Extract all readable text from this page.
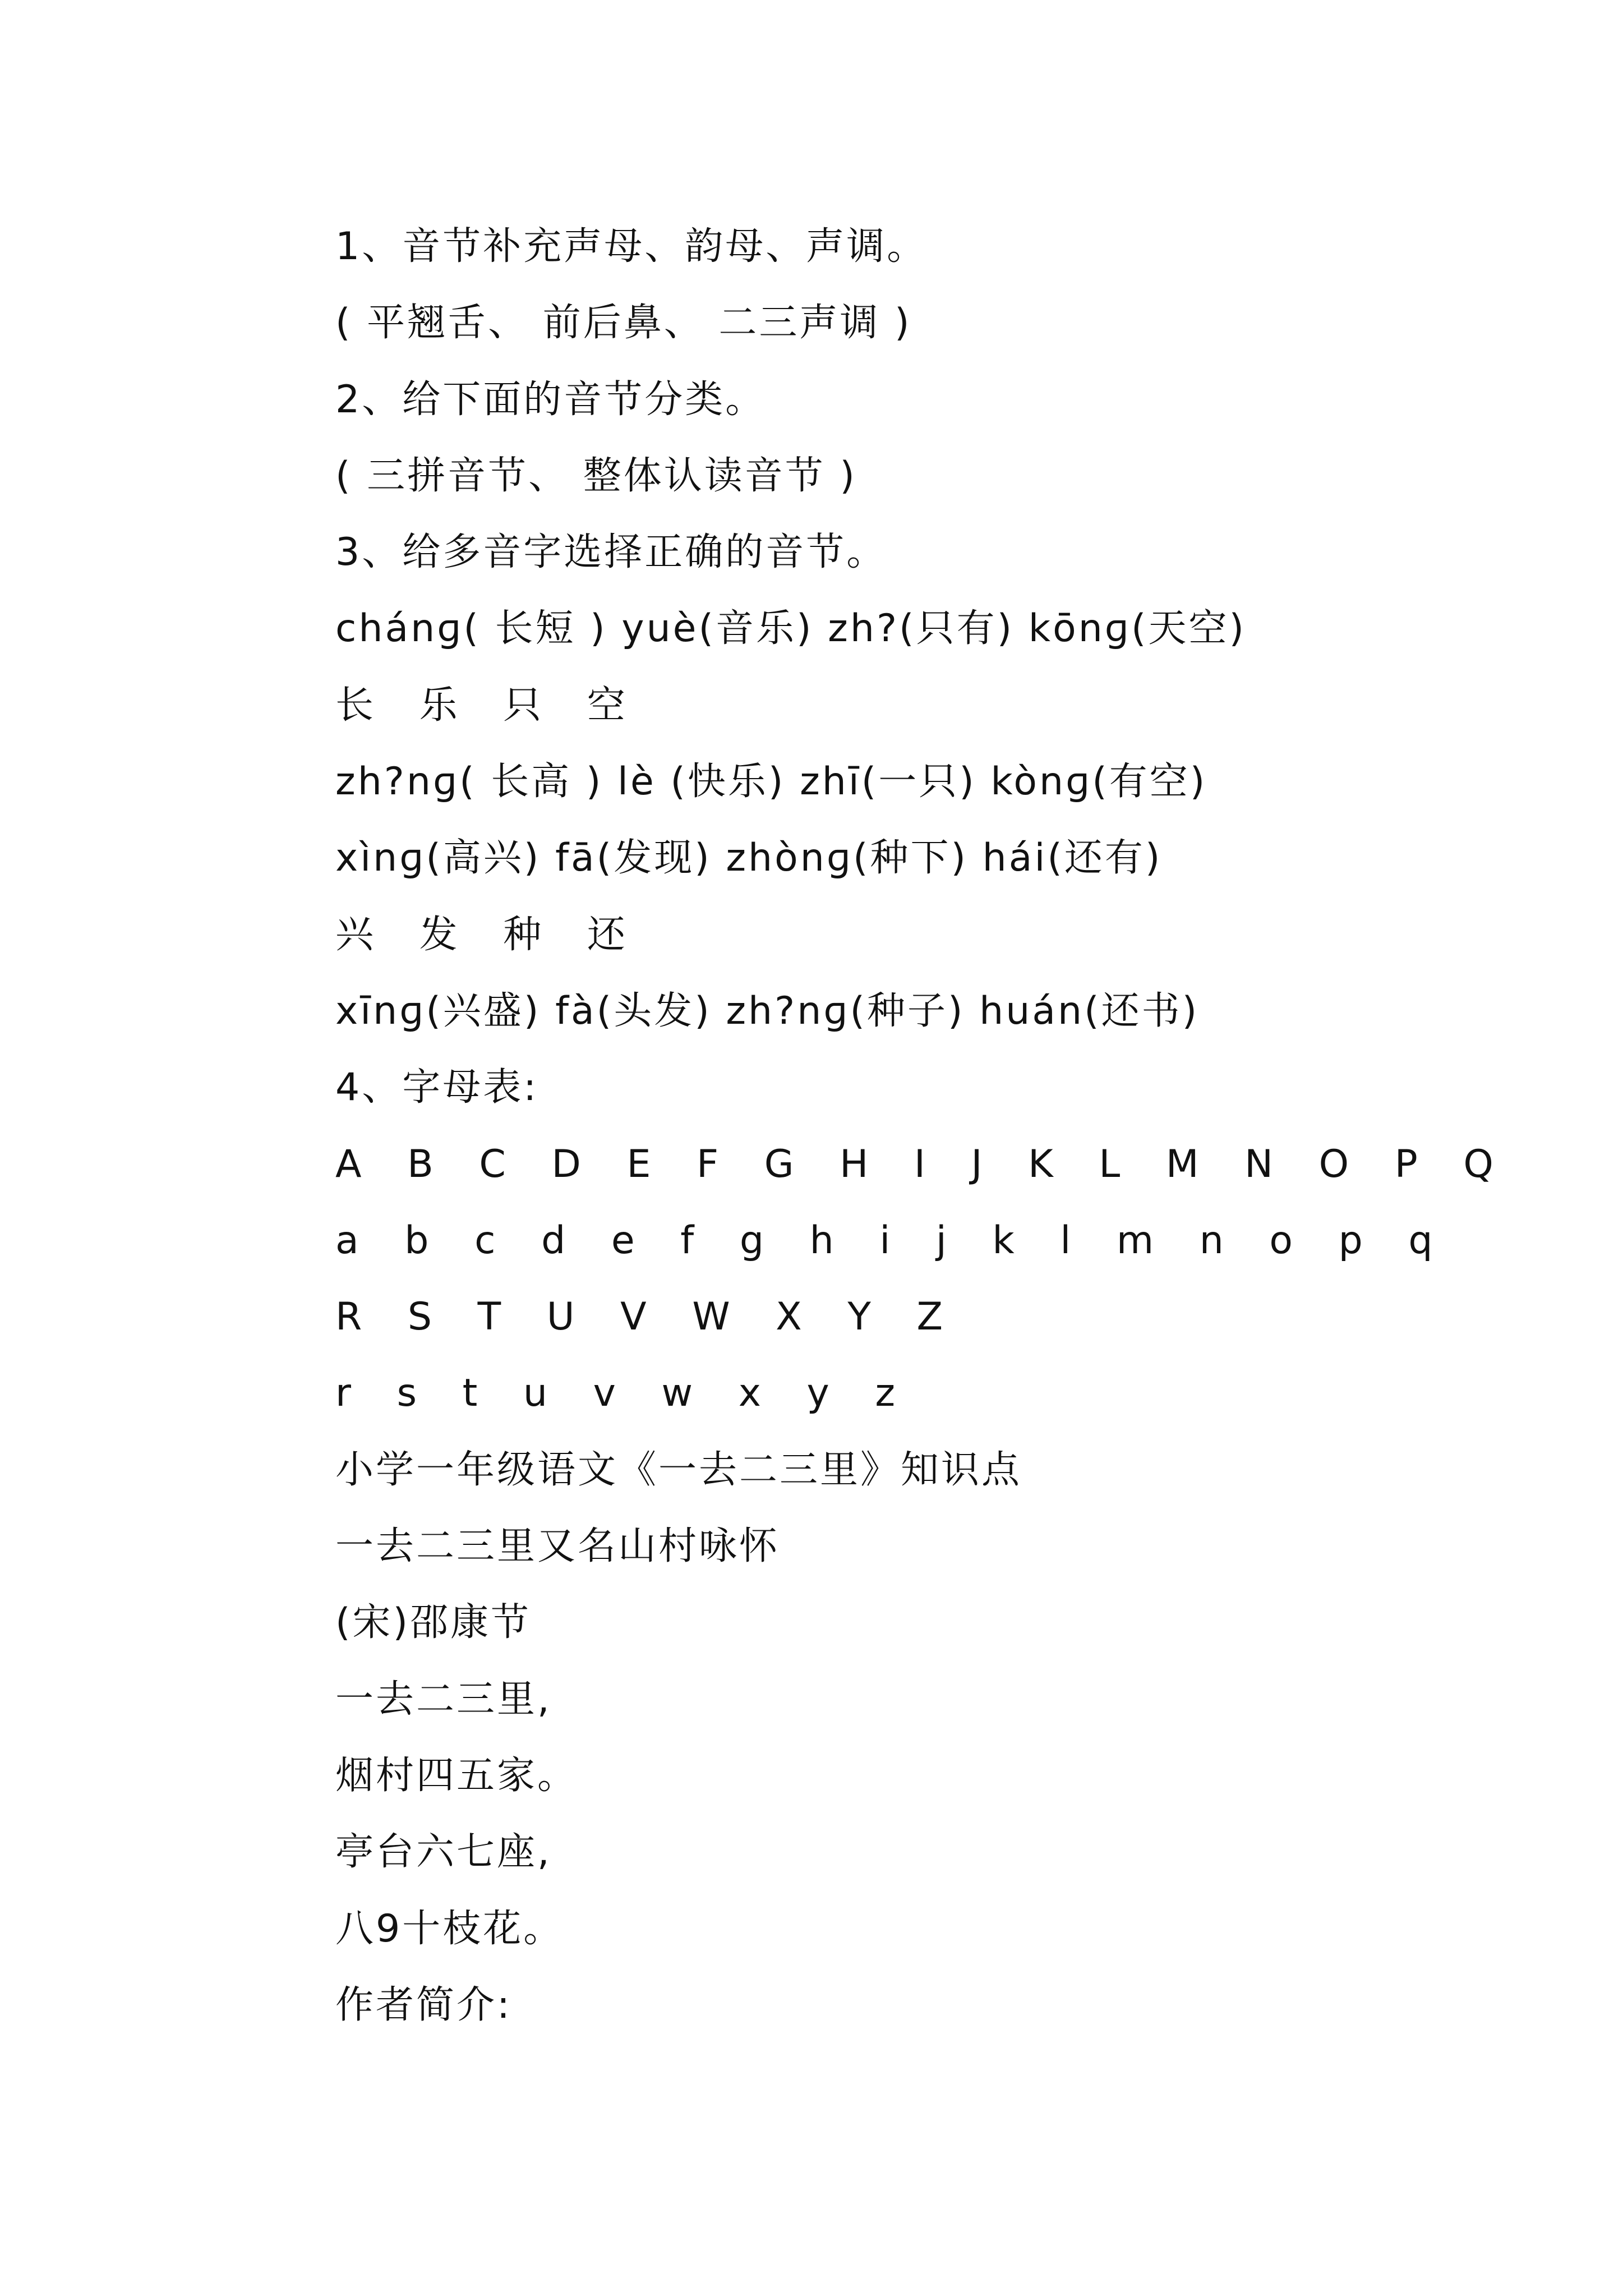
1、音节补充声母、韵母、声调。
( 平翘舌、 前后鼻、 二三声调 )
2、给下面的音节分类。
( 三拼音节、 整体认读音节 )
3、给多音字选择正确的音节。
chánɡ( 长短 ) yuè(音乐) zh?(只有) kōnɡ(天空)
长 乐 只 空
zh?nɡ( 长高 ) lè (快乐) zhī(一只) kònɡ(有空)
xìnɡ(高兴) fā(发现) zhònɡ(种下) hái(还有)
兴 发 种 还
xīnɡ(兴盛) fà(头发) zh?nɡ(种子) huán(还书)
4、字母表:
A B C D E F G H I J K L M N O P Q
a b c d e f g h i j k l m n o p q
R S T U V W X Y Z
r s t u v w x y z
小学一年级语文《一去二三里》知识点
一去二三里又名山村咏怀
(宋)邵康节
一去二三里,
烟村四五家。
亭台六七座,
八9十枝花。
作者简介:
